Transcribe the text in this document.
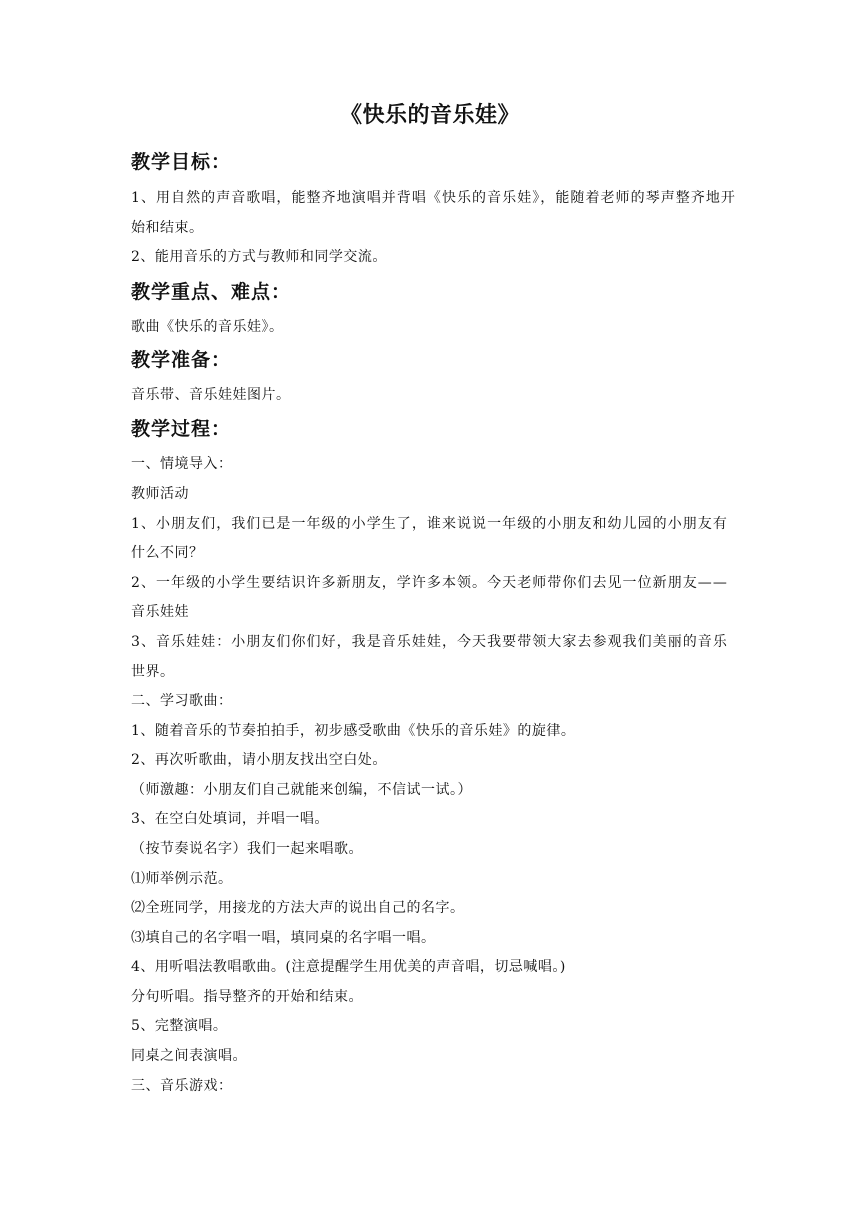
《快乐的音乐娃》
教学目标：
1、用自然的声音歌唱，能整齐地演唱并背唱《快乐的音乐娃》，能随着老师的琴声整齐地开
始和结束。
2、能用音乐的方式与教师和同学交流。
教学重点、难点：
歌曲《快乐的音乐娃》。
教学准备：
音乐带、音乐娃娃图片。
教学过程：
一、情境导入：
教师活动
1、小朋友们，我们已是一年级的小学生了，谁来说说一年级的小朋友和幼儿园的小朋友有
什么不同？
2、一年级的小学生要结识许多新朋友，学许多本领。今天老师带你们去见一位新朋友——
音乐娃娃
3、音乐娃娃：小朋友们你们好，我是音乐娃娃，今天我要带领大家去参观我们美丽的音乐
世界。
二、学习歌曲：
1、随着音乐的节奏拍拍手，初步感受歌曲《快乐的音乐娃》的旋律。
2、再次听歌曲，请小朋友找出空白处。
（师激趣：小朋友们自己就能来创编，不信试一试。）
3、在空白处填词，并唱一唱。
（按节奏说名字）我们一起来唱歌。
⑴师举例示范。
⑵全班同学，用接龙的方法大声的说出自己的名字。
⑶填自己的名字唱一唱，填同桌的名字唱一唱。
4、用听唱法教唱歌曲。(注意提醒学生用优美的声音唱，切忌喊唱。)
分句听唱。指导整齐的开始和结束。
5、完整演唱。
同桌之间表演唱。
三、音乐游戏：
